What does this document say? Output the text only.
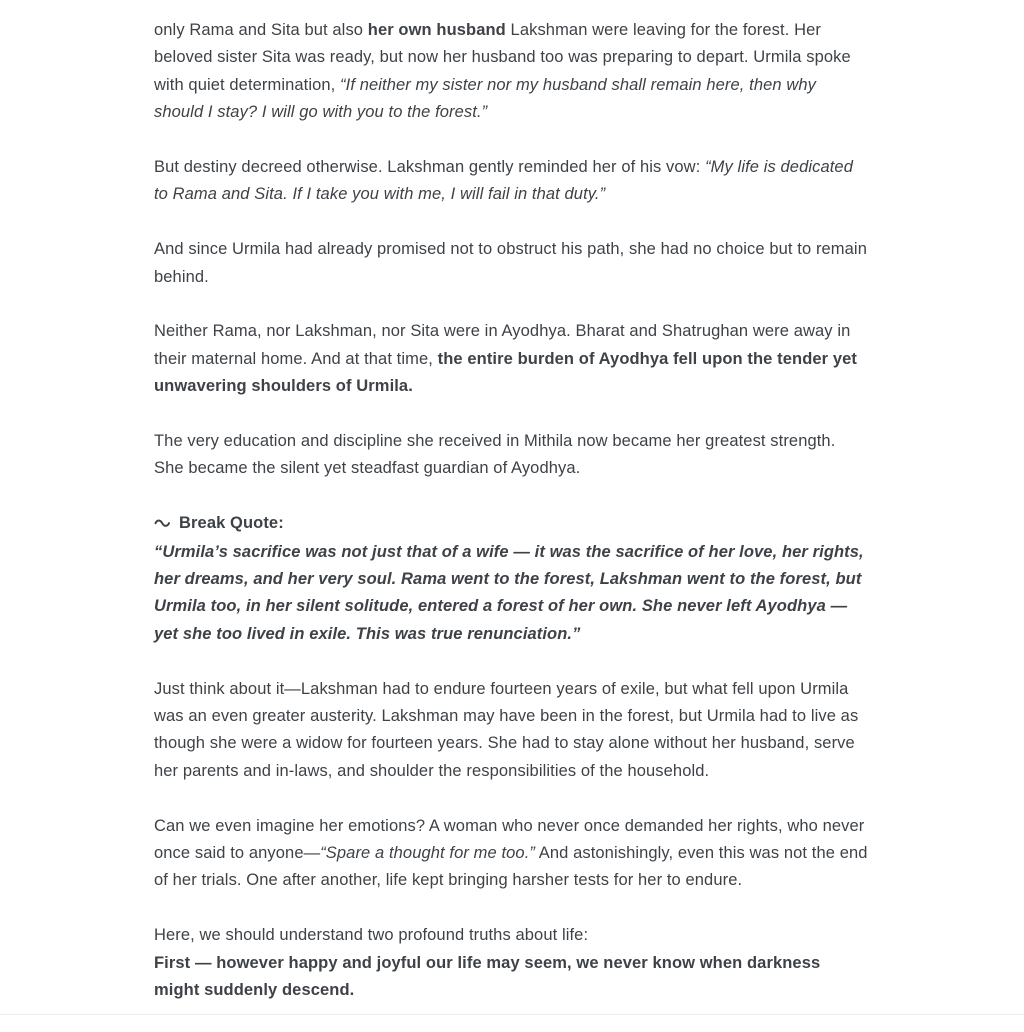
only Rama and Sita but also her own husband Lakshman were leaving for the forest. Her beloved sister Sita was ready, but now her husband too was preparing to depart. Urmila spoke with quiet determination, “If neither my sister nor my husband shall remain here, then why should I stay? I will go with you to the forest.”

But destiny decreed otherwise. Lakshman gently reminded her of his vow: “My life is dedicated to Rama and Sita. If I take you with me, I will fail in that duty.”

And since Urmila had already promised not to obstruct his path, she had no choice but to remain behind.

Neither Rama, nor Lakshman, nor Sita were in Ayodhya. Bharat and Shatrughan were away in their maternal home. And at that time, the entire burden of Ayodhya fell upon the tender yet unwavering shoulders of Urmila.

The very education and discipline she received in Mithila now became her greatest strength. She became the silent yet steadfast guardian of Ayodhya.

Break Quote:

“Urmila’s sacrifice was not just that of a wife — it was the sacrifice of her love, her rights, her dreams, and her very soul. Rama went to the forest, Lakshman went to the forest, but Urmila too, in her silent solitude, entered a forest of her own. She never left Ayodhya — yet she too lived in exile. This was true renunciation.”

Just think about it—Lakshman had to endure fourteen years of exile, but what fell upon Urmila was an even greater austerity. Lakshman may have been in the forest, but Urmila had to live as though she were a widow for fourteen years. She had to stay alone without her husband, serve her parents and in-laws, and shoulder the responsibilities of the household.

Can we even imagine her emotions? A woman who never once demanded her rights, who never once said to anyone—“Spare a thought for me too.” And astonishingly, even this was not the end of her trials. One after another, life kept bringing harsher tests for her to endure.

Here, we should understand two profound truths about life:

First — however happy and joyful our life may seem, we never know when darkness might suddenly descend.
